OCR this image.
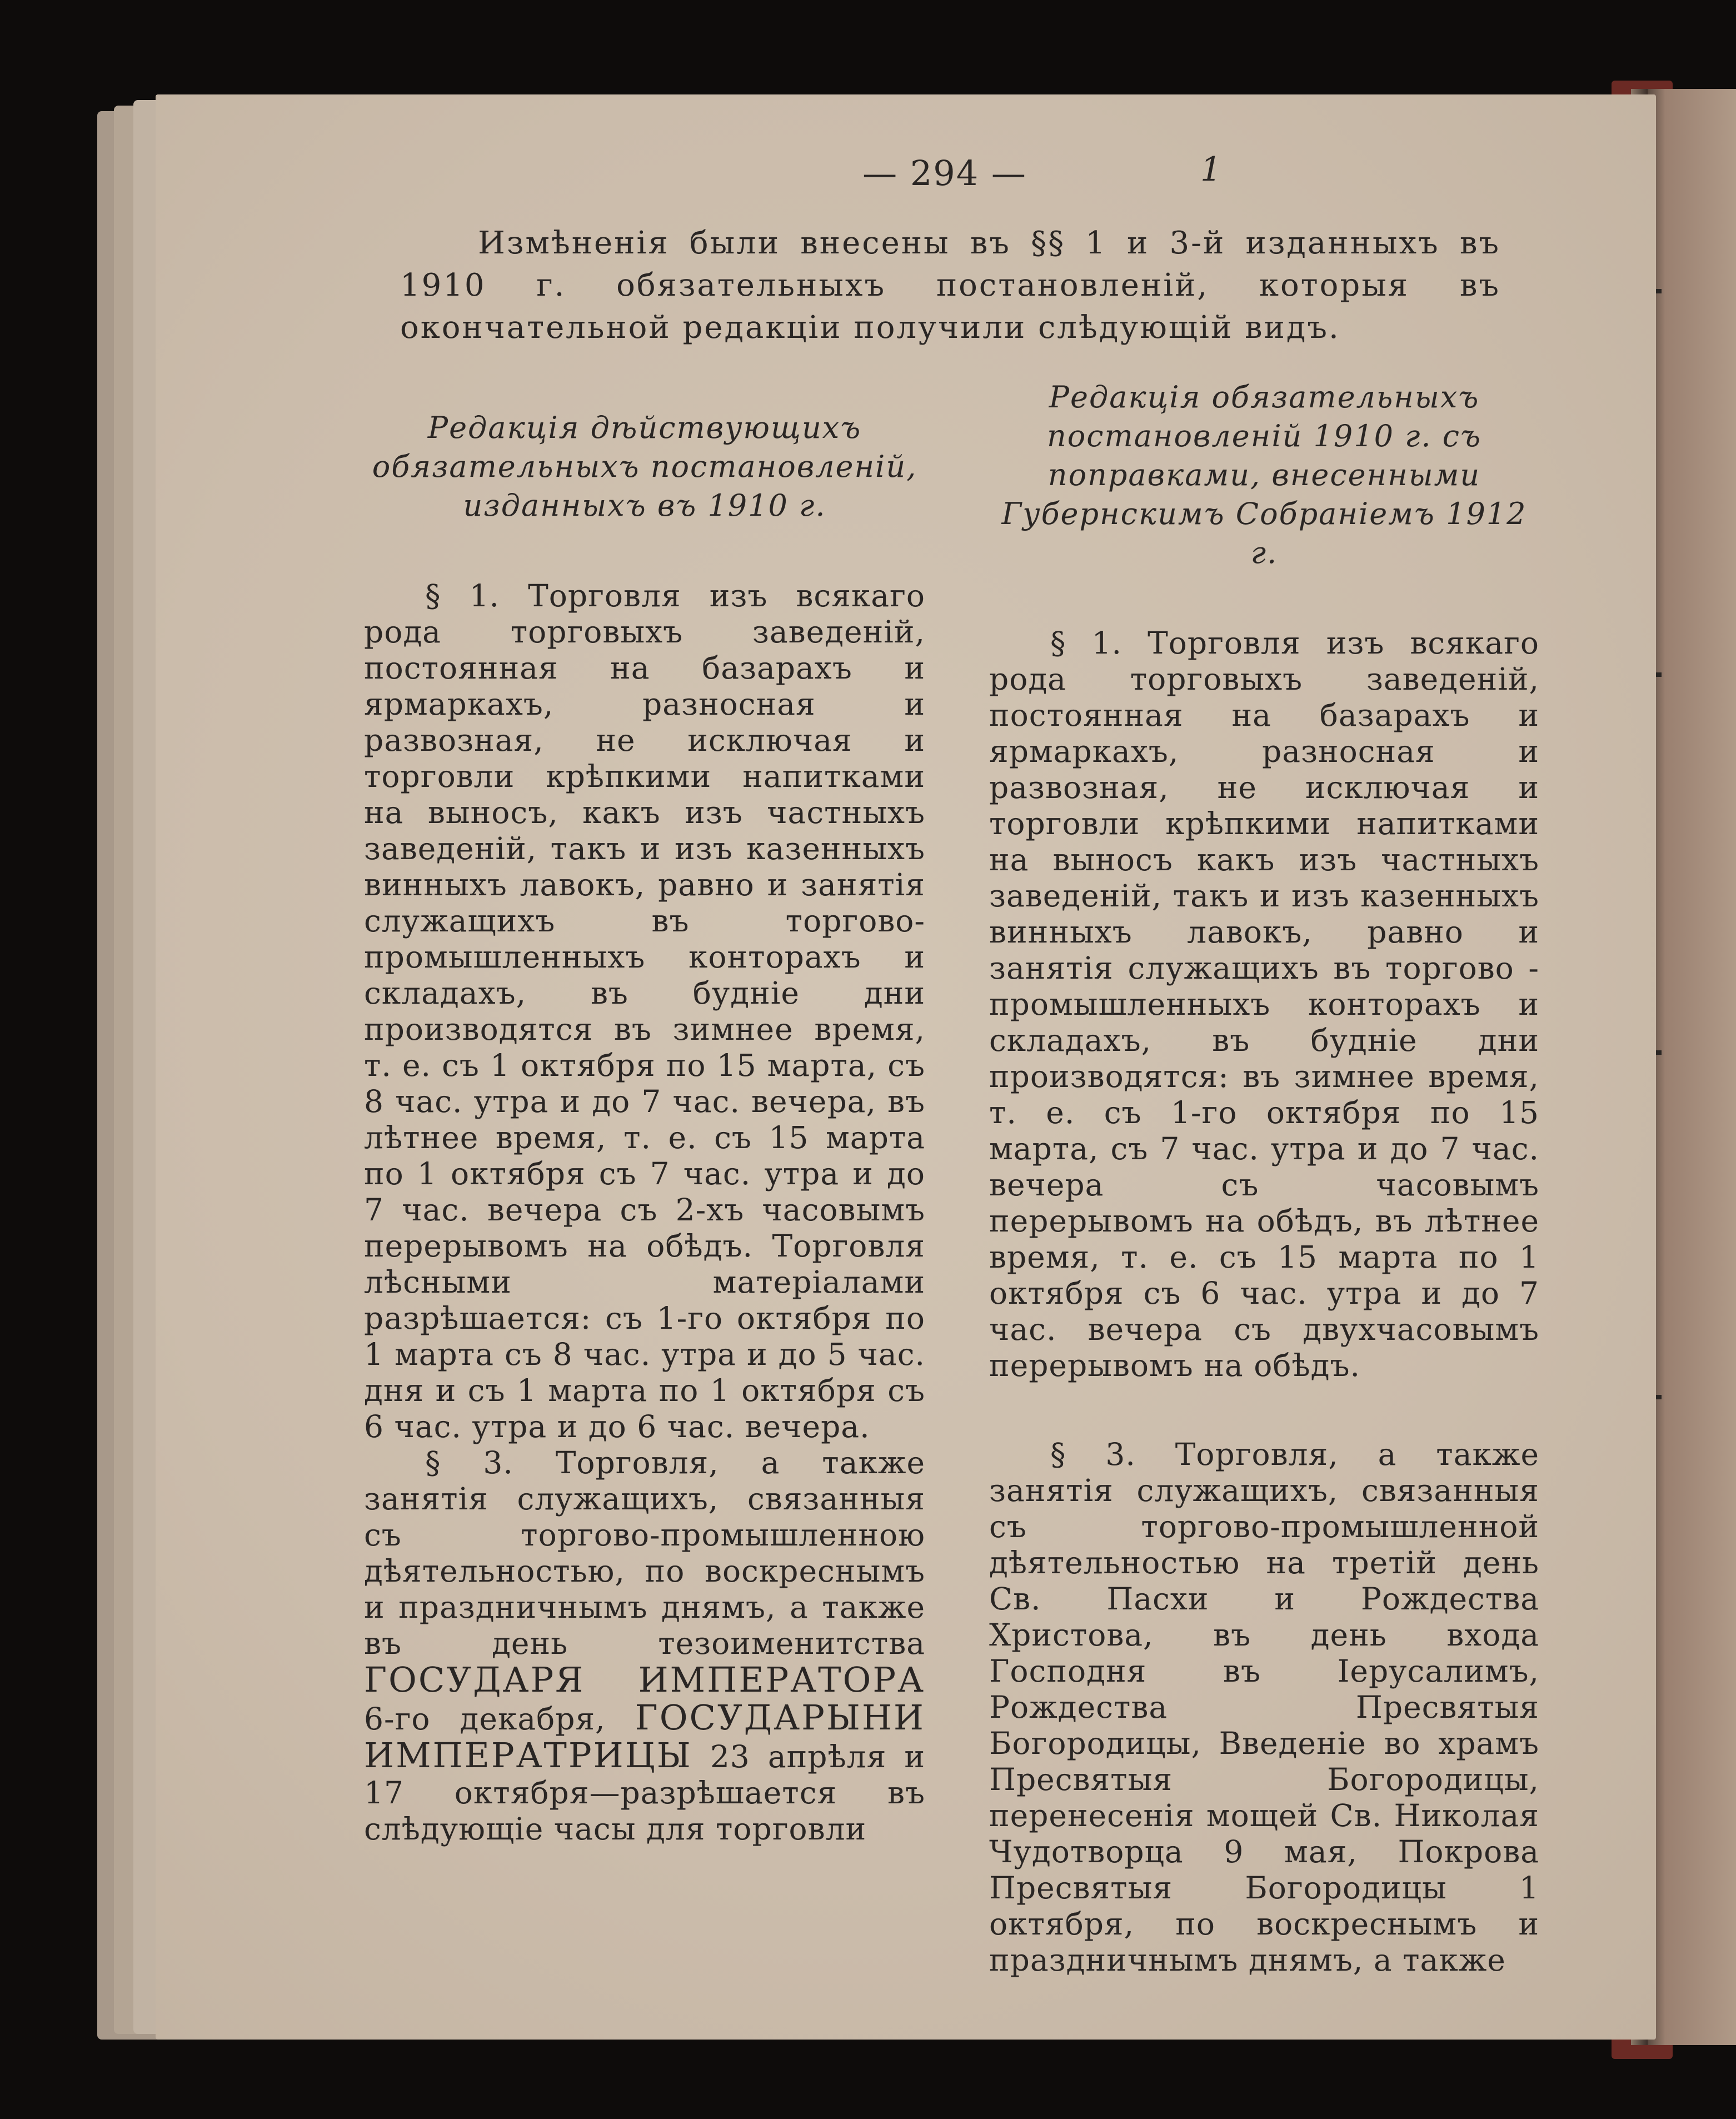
— 294 —	1
Измѣненія были внесены въ §§ 1 и 3-й изданныхъ въ 1910 г. обязательныхъ постановленій, которыя въ окончательной редакціи получили слѣдующій видъ.
Редакція дѣйствующихъ обязательныхъ постановленій, изданныхъ въ 1910 г.
§ 1. Торговля изъ всякаго рода торговыхъ заведеній, постоянная на базарахъ и ярмаркахъ, разносная и развозная, не исключая и торговли крѣпкими напитками на выносъ, какъ изъ частныхъ заведеній, такъ и изъ казенныхъ винныхъ лавокъ, равно и занятія служащихъ въ торгово-промышленныхъ конторахъ и складахъ, въ будніе дни производятся въ зимнее время, т. е. съ 1 октября по 15 марта, съ 8 час. утра и до 7 час. вечера, въ лѣтнее время, т. е. съ 15 марта по 1 октября съ 7 час. утра и до 7 час. вечера съ 2-хъ часовымъ перерывомъ на обѣдъ. Торговля лѣсными матеріалами разрѣшается: съ 1-го октября по 1 марта съ 8 час. утра и до 5 час. дня и съ 1 марта по 1 октября съ 6 час. утра и до 6 час. вечера.
§ 3. Торговля, а также занятія служащихъ, связанныя съ торгово-промышленною дѣятельностью, по воскреснымъ и праздничнымъ днямъ, а также въ день тезоименитства ГОСУДАРЯ ИМПЕРАТОРА 6-го декабря, ГОСУДАРЫНИ ИМПЕРАТРИЦЫ 23 апрѣля и 17 октября—разрѣшается въ слѣдующіе часы для торговли
Редакція обязательныхъ постановленій 1910 г. съ поправками, внесенными Губернскимъ Собраніемъ 1912 г.
§ 1. Торговля изъ всякаго рода торговыхъ заведеній, постоянная на базарахъ и ярмаркахъ, разносная и развозная, не исключая и торговли крѣпкими напитками на выносъ какъ изъ частныхъ заведеній, такъ и изъ казенныхъ винныхъ лавокъ, равно и занятія служащихъ въ торгово - промышленныхъ конторахъ и складахъ, въ будніе дни производятся: въ зимнее время, т. е. съ 1-го октября по 15 марта, съ 7 час. утра и до 7 час. вечера съ часовымъ перерывомъ на обѣдъ, въ лѣтнее время, т. е. съ 15 марта по 1 октября съ 6 час. утра и до 7 час. вечера съ двухчасовымъ перерывомъ на обѣдъ.
§ 3. Торговля, а также занятія служащихъ, связанныя съ торгово-промышленной дѣятельностью на третій день Св. Пасхи и Рождества Христова, въ день входа Господня въ Іерусалимъ, Рождества Пресвятыя Богородицы, Введеніе во храмъ Пресвятыя Богородицы, перенесенія мощей Св. Николая Чудотворца 9 мая, Покрова Пресвятыя Богородицы 1 октября, по воскреснымъ и праздничнымъ днямъ, а также
